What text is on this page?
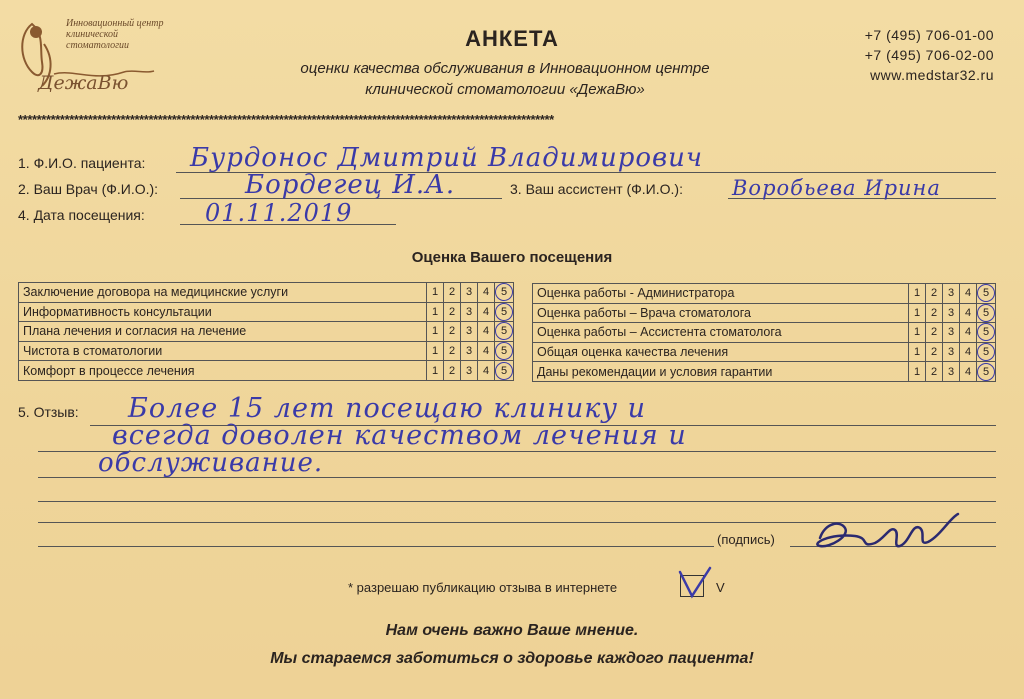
Инновационный центр
клинической стоматологии
ДежаВю
АНКЕТА
оценки качества обслуживания в Инновационном центре
клинической стоматологии «ДежаВю»
+7 (495) 706-01-00
+7 (495) 706-02-00
www.medstar32.ru
*******************************************************************************************************************
1. Ф.И.О. пациента: Бурдонос Дмитрий Владимирович
2. Ваш Врач (Ф.И.О.):	Бордегец И.А.	3. Ваш ассистент (Ф.И.О.): Воробьева Ирина
4. Дата посещения:	01.11.2019
Оценка Вашего посещения
Заключение договора на медицинские услуги	1	2	3	4	5
Информативность консультации	1	2	3	4	5
Плана лечения и согласия на лечение	1	2	3	4	5
Чистота в стоматологии	1	2	3	4	5
Комфорт в процессе лечения	1	2	3	4	5
Оценка работы - Администратора	1	2	3	4	5
Оценка работы – Врача стоматолога	1	2	3	4	5
Оценка работы – Ассистента стоматолога	1	2	3	4	5
Общая оценка качества лечения	1	2	3	4	5
Даны рекомендации и условия гарантии	1	2	3	4	5
5. Отзыв: Более 15 лет посещаю клинику и
всегда доволен качеством лечения и
обслуживание.
(подпись)
* разрешаю публикацию отзыва в интернете	V
Нам очень важно Ваше мнение.
Мы стараемся заботиться о здоровье каждого пациента!
